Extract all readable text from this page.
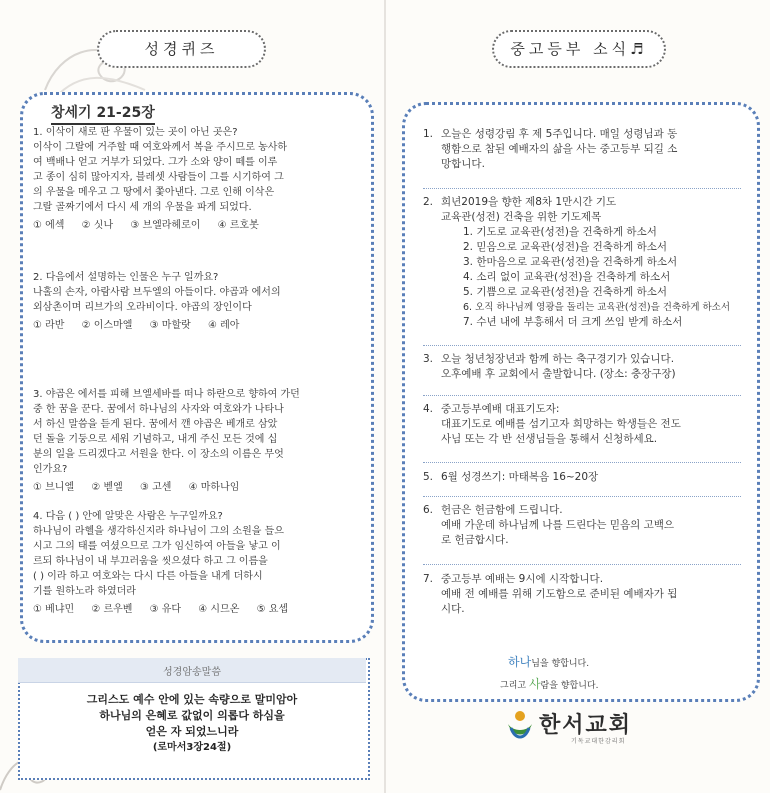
성경퀴즈	중고등부 소식♬
창세기 21-25장
1. 이삭이 새로 판 우물이 있는 곳이 아닌 곳은?
이삭이 그랄에 거주할 때 여호와께서 복을 주시므로 농사하
여 백배나 얻고 거부가 되었다. 그가 소와 양이 떼를 이루
고 종이 심히 많아지자, 블레셋 사람들이 그를 시기하여 그
의 우물을 메우고 그 땅에서 쫓아낸다. 그로 인해 이삭은
그랄 골짜기에서 다시 세 개의 우물을 파게 되었다.
① 에섹 ② 싯나 ③ 브엘라헤로이 ④ 르호봇
2. 다음에서 설명하는 인물은 누구 일까요?
나홀의 손자, 아람사람 브두엘의 아들이다. 야곱과 에서의
외삼촌이며 리브가의 오라비이다. 야곱의 장인이다
① 라반 ② 이스마엘 ③ 마할랏 ④ 레아
3. 야곱은 에서를 피해 브엘세바를 떠나 하란으로 향하여 가던
중 한 꿈을 꾼다. 꿈에서 하나님의 사자와 여호와가 나타나
서 하신 말씀을 듣게 된다. 꿈에서 깬 야곱은 베개로 삼았
던 돌을 기둥으로 세워 기념하고, 내게 주신 모든 것에 십
분의 일을 드리겠다고 서원을 한다. 이 장소의 이름은 무엇
인가요?
① 브니엘 ② 벧엘 ③ 고센 ④ 마하나임
4. 다음 ( ) 안에 알맞은 사람은 누구일까요?
하나님이 라헬을 생각하신지라 하나님이 그의 소원을 들으
시고 그의 태를 여셨으므로 그가 임신하여 아들을 낳고 이
르되 하나님이 내 부끄러움을 씻으셨다 하고 그 이름을
( ) 이라 하고 여호와는 다시 다른 아들을 내게 더하시
기를 원하노라 하였더라
① 베냐민 ② 르우벤 ③ 유다 ④ 시므온 ⑤ 요셉
성경암송말씀
그리스도 예수 안에 있는 속량으로 말미암아
하나님의 은혜로 값없이 의롭다 하심을
얻은 자 되었느니라
(로마서3장24절)
1. 오늘은 성령강림 후 제 5주입니다. 매일 성령님과 동
행함으로 참된 예배자의 삶을 사는 중고등부 되길 소
망합니다.
2. 희년2019을 향한 제8차 1만시간 기도
교육관(성전) 건축을 위한 기도제목
1. 기도로 교육관(성전)을 건축하게 하소서
2. 믿음으로 교육관(성전)을 건축하게 하소서
3. 한마음으로 교육관(성전)을 건축하게 하소서
4. 소리 없이 교육관(성전)을 건축하게 하소서
5. 기쁨으로 교육관(성전)을 건축하게 하소서
6. 오직 하나님께 영광을 돌리는 교육관(성전)을 건축하게 하소서
7. 수년 내에 부흥해서 더 크게 쓰임 받게 하소서
3. 오늘 청년청장년과 함께 하는 축구경기가 있습니다.
오후예배 후 교회에서 출발합니다. (장소: 충장구장)
4. 중고등부예배 대표기도자:
대표기도로 예배를 섬기고자 희망하는 학생들은 전도
사님 또는 각 반 선생님들을 통해서 신청하세요.
5. 6월 성경쓰기: 마태복음 16~20장
6. 헌금은 헌금함에 드립니다.
예배 가운데 하나님께 나를 드린다는 믿음의 고백으
로 헌금합시다.
7. 중고등부 예배는 9시에 시작합니다.
예배 전 예배를 위해 기도함으로 준비된 예배자가 됩
시다.
하나님을 향합니다.
그리고 사람을 향합니다.
한서교회
기독교대한감리회
